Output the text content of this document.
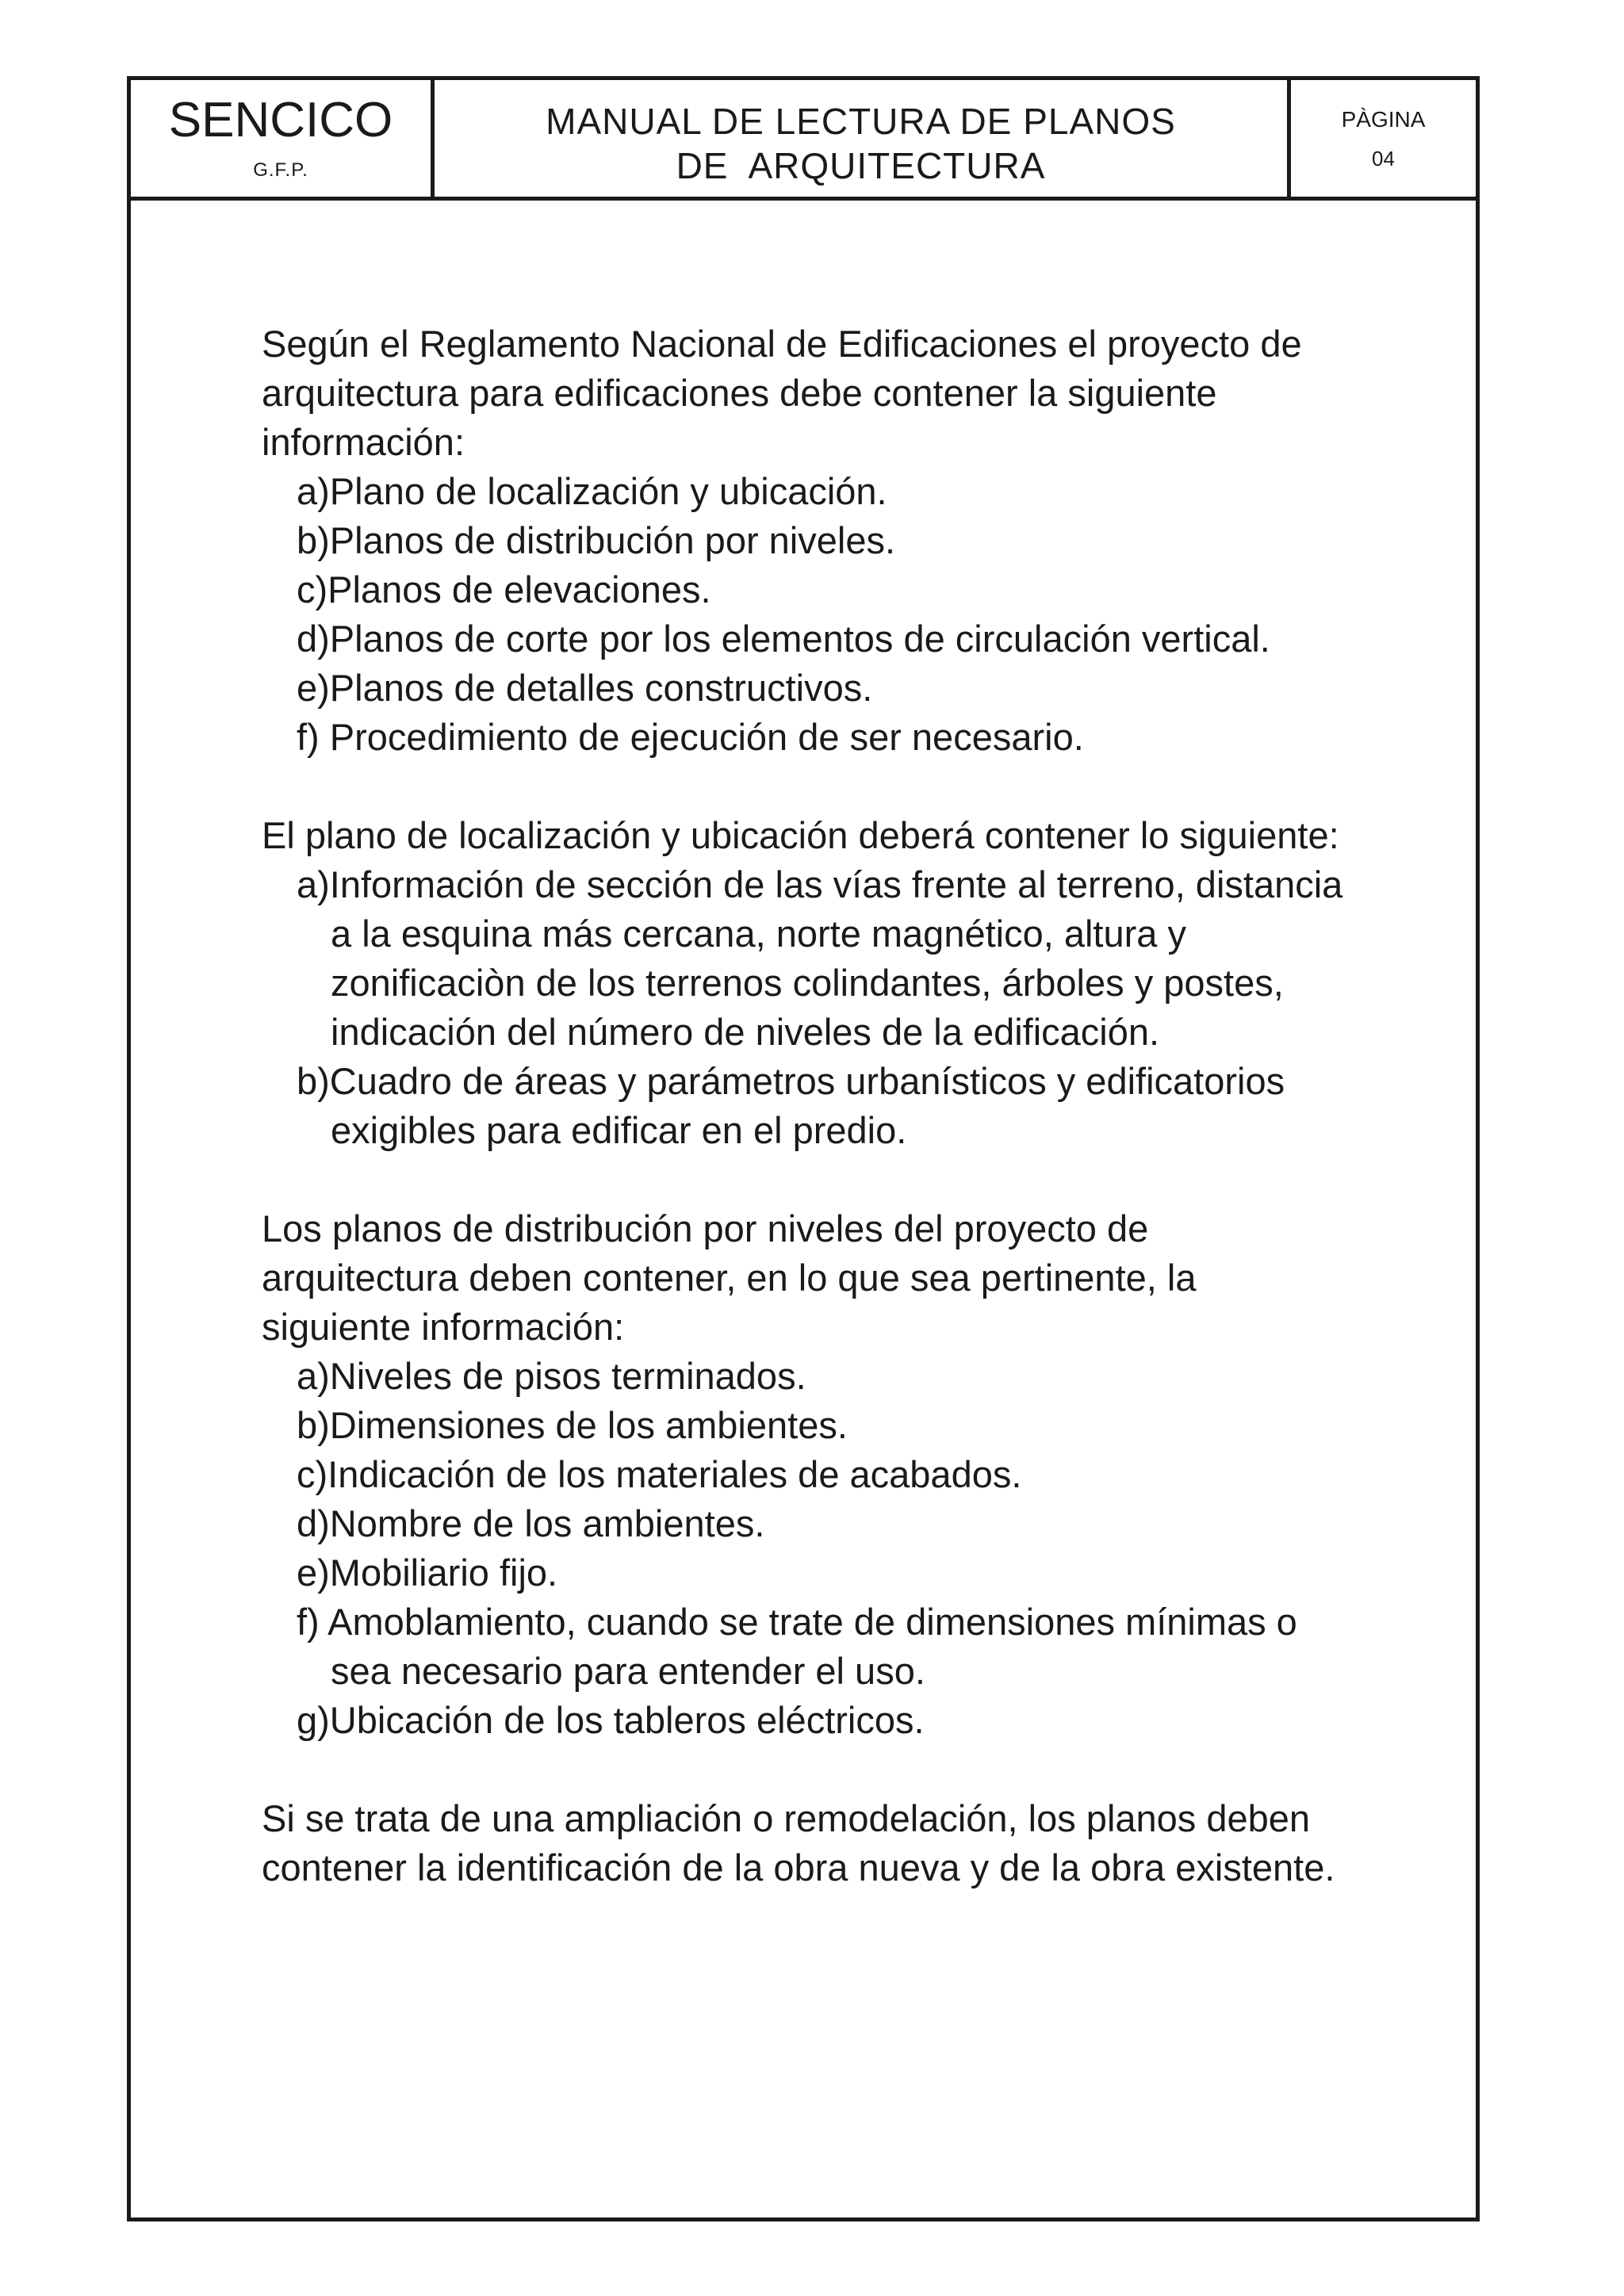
SENCICO
G.F.P.
MANUAL DE LECTURA DE PLANOS
DE  ARQUITECTURA
PÀGINA
04

Según el Reglamento Nacional de Edificaciones el proyecto de
arquitectura para edificaciones debe contener la siguiente
información:

a)Plano de localización y ubicación.
b)Planos de distribución por niveles.
c)Planos de elevaciones.
d)Planos de corte por los elementos de circulación vertical.
e)Planos de detalles constructivos.
f) Procedimiento de ejecución de ser necesario.

El plano de localización y ubicación deberá contener lo siguiente:

a)Información de sección de las vías frente al terreno, distancia
a la esquina más cercana, norte magnético, altura y
zonificaciòn de los terrenos colindantes, árboles y postes,
indicación del número de niveles de la edificación.
b)Cuadro de áreas y parámetros urbanísticos y edificatorios
exigibles para edificar en el predio.

Los planos de distribución por niveles del proyecto de
arquitectura deben contener, en lo que sea pertinente, la
siguiente información:

a)Niveles de pisos terminados.
b)Dimensiones de los ambientes.
c)Indicación de los materiales de acabados.
d)Nombre de los ambientes.
e)Mobiliario fijo.
f) Amoblamiento, cuando se trate de dimensiones mínimas o
sea necesario para entender el uso.
g)Ubicación de los tableros eléctricos.

Si se trata de una ampliación o remodelación, los planos deben
contener la identificación de la obra nueva y de la obra existente.
